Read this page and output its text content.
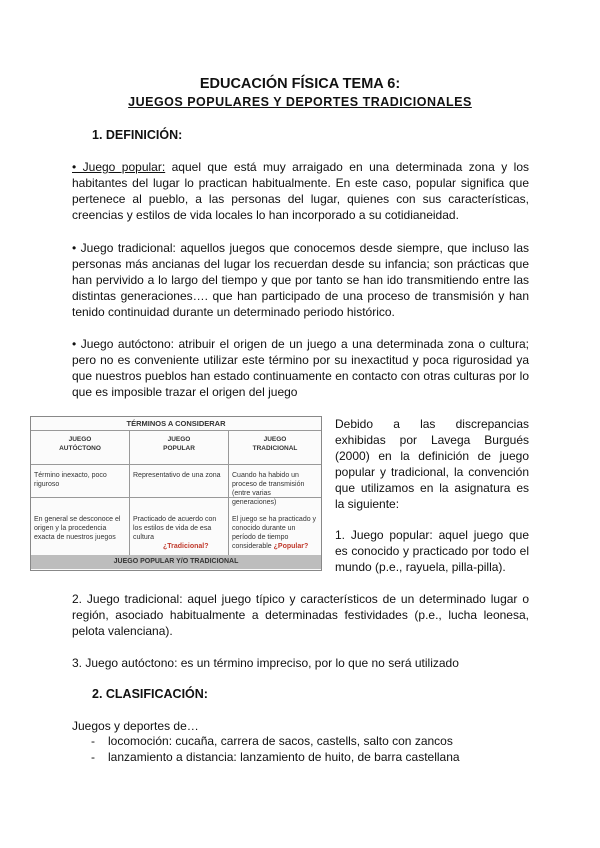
EDUCACIÓN FÍSICA TEMA 6:
JUEGOS POPULARES Y DEPORTES TRADICIONALES
1. DEFINICIÓN:
• Juego popular: aquel que está muy arraigado en una determinada zona y los habitantes del lugar lo practican habitualmente. En este caso, popular significa que pertenece al pueblo, a las personas del lugar, quienes con sus características, creencias y estilos de vida locales lo han incorporado a su cotidianeidad.
• Juego tradicional: aquellos juegos que conocemos desde siempre, que incluso las personas más ancianas del lugar los recuerdan desde su infancia; son prácticas que han pervivido a lo largo del tiempo y que por tanto se han ido transmitiendo entre las distintas generaciones…. que han participado de una proceso de transmisión y han tenido continuidad durante un determinado periodo histórico.
• Juego autóctono: atribuir el origen de un juego a una determinada zona o cultura; pero no es conveniente utilizar este término por su inexactitud y poca rigurosidad ya que nuestros pueblos han estado continuamente en contacto con otras culturas por lo que es imposible trazar el origen del juego
TÉRMINOS A CONSIDERAR
JUEGO
AUTÓCTONO
Término inexacto, poco riguroso
En general se desconoce el origen y la procedencia exacta de nuestros juegos
JUEGO
POPULAR
Representativo de una zona
Practicado de acuerdo con los estilos de vida de esa cultura
¿Tradicional?
JUEGO
TRADICIONAL
Cuando ha habido un proceso de transmisión (entre varias generaciones)
El juego se ha practicado y conocido durante un período de tiempo considerable ¿Popular?
JUEGO POPULAR Y/O TRADICIONAL
Debido a las discrepancias exhibidas por Lavega Burgués (2000) en la definición de juego popular y tradicional, la convención que utilizamos en la asignatura es la siguiente:
1. Juego popular: aquel juego que es conocido y practicado por todo el mundo (p.e., rayuela, pilla-pilla).
2. Juego tradicional: aquel juego típico y característicos de un determinado lugar o región, asociado habitualmente a determinadas festividades (p.e., lucha leonesa, pelota valenciana).
3. Juego autóctono: es un término impreciso, por lo que no será utilizado
2. CLASIFICACIÓN:
Juegos y deportes de…
- locomoción: cucaña, carrera de sacos, castells, salto con zancos
- lanzamiento a distancia: lanzamiento de huito, de barra castellana
